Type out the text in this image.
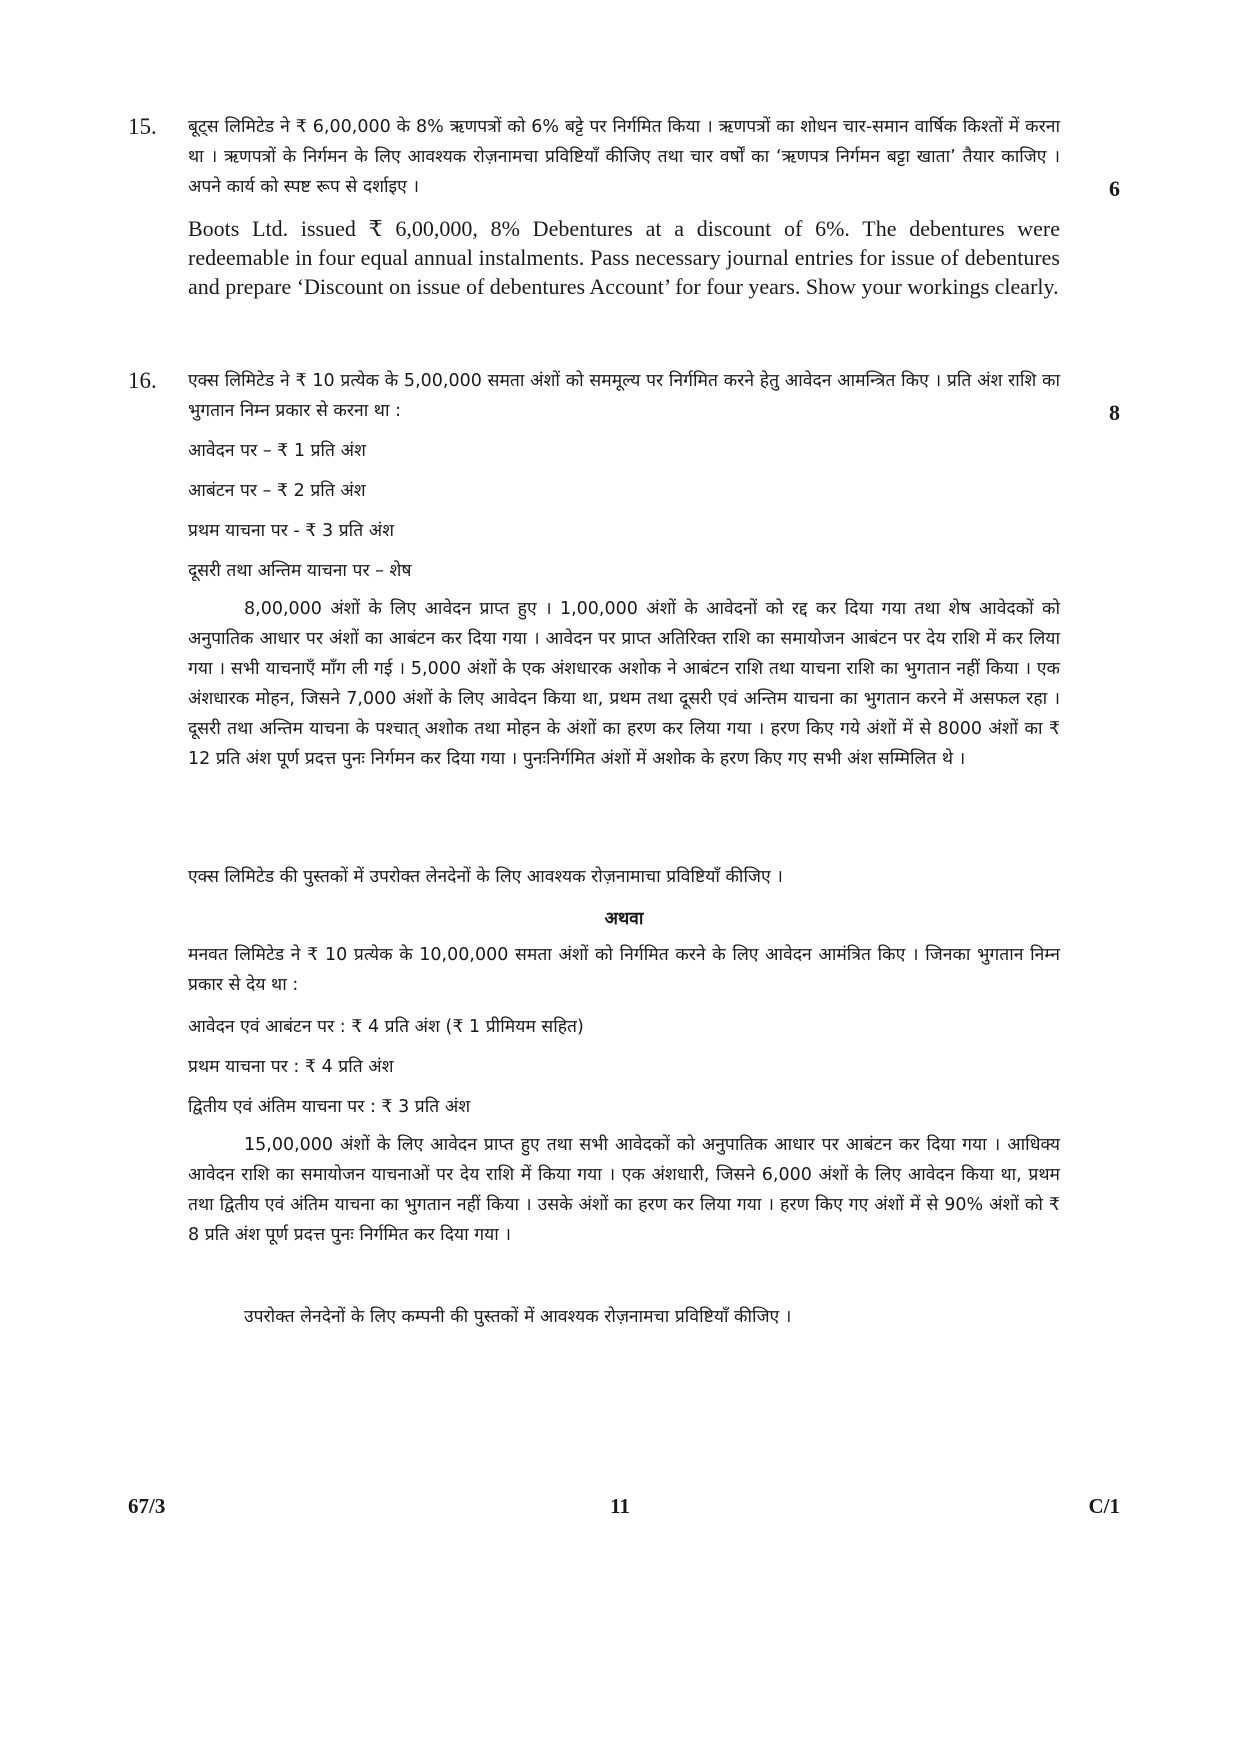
15.	बूट्स लिमिटेड ने ₹ 6,00,000 के 8% ऋणपत्रों को 6% बट्टे पर निर्गमित किया । ऋणपत्रों का शोधन चार-समान वार्षिक किश्तों में करना था । ऋणपत्रों के निर्गमन के लिए आवश्यक रोज़नामचा प्रविष्टियाँ कीजिए तथा चार वर्षों का ‘ऋणपत्र निर्गमन बट्टा खाता’ तैयार काजिए । अपने कार्य को स्पष्ट रूप से दर्शाइए ।	6

Boots Ltd. issued ₹ 6,00,000, 8% Debentures at a discount of 6%. The debentures were redeemable in four equal annual instalments. Pass necessary journal entries for issue of debentures and prepare ‘Discount on issue of debentures Account’ for four years. Show your workings clearly.

16.	एक्स लिमिटेड ने ₹ 10 प्रत्येक के 5,00,000 समता अंशों को सममूल्य पर निर्गमित करने हेतु आवेदन आमन्त्रित किए । प्रति अंश राशि का भुगतान निम्न प्रकार से करना था :	8
आवेदन पर – ₹ 1 प्रति अंश
आबंटन पर – ₹ 2 प्रति अंश
प्रथम याचना पर - ₹ 3 प्रति अंश
दूसरी तथा अन्तिम याचना पर – शेष

8,00,000 अंशों के लिए आवेदन प्राप्त हुए । 1,00,000 अंशों के आवेदनों को रद्द कर दिया गया तथा शेष आवेदकों को अनुपातिक आधार पर अंशों का आबंटन कर दिया गया । आवेदन पर प्राप्त अतिरिक्त राशि का समायोजन आबंटन पर देय राशि में कर लिया गया । सभी याचनाएँ माँग ली गई । 5,000 अंशों के एक अंशधारक अशोक ने आबंटन राशि तथा याचना राशि का भुगतान नहीं किया । एक अंशधारक मोहन, जिसने 7,000 अंशों के लिए आवेदन किया था, प्रथम तथा दूसरी एवं अन्तिम याचना का भुगतान करने में असफल रहा । दूसरी तथा अन्तिम याचना के पश्चात् अशोक तथा मोहन के अंशों का हरण कर लिया गया । हरण किए गये अंशों में से 8000 अंशों का ₹ 12 प्रति अंश पूर्ण प्रदत्त पुनः निर्गमन कर दिया गया । पुनःनिर्गमित अंशों में अशोक के हरण किए गए सभी अंश सम्मिलित थे ।

एक्स लिमिटेड की पुस्तकों में उपरोक्त लेनदेनों के लिए आवश्यक रोज़नामाचा प्रविष्टियाँ कीजिए ।

अथवा

मनवत लिमिटेड ने ₹ 10 प्रत्येक के 10,00,000 समता अंशों को निर्गमित करने के लिए आवेदन आमंत्रित किए । जिनका भुगतान निम्न प्रकार से देय था :

आवेदन एवं आबंटन पर : ₹ 4 प्रति अंश (₹ 1 प्रीमियम सहित)
प्रथम याचना पर : ₹ 4 प्रति अंश
द्वितीय एवं अंतिम याचना पर : ₹ 3 प्रति अंश

15,00,000 अंशों के लिए आवेदन प्राप्त हुए तथा सभी आवेदकों को अनुपातिक आधार पर आबंटन कर दिया गया । आधिक्य आवेदन राशि का समायोजन याचनाओं पर देय राशि में किया गया । एक अंशधारी, जिसने 6,000 अंशों के लिए आवेदन किया था, प्रथम तथा द्वितीय एवं अंतिम याचना का भुगतान नहीं किया । उसके अंशों का हरण कर लिया गया । हरण किए गए अंशों में से 90% अंशों को ₹ 8 प्रति अंश पूर्ण प्रदत्त पुनः निर्गमित कर दिया गया ।

उपरोक्त लेनदेनों के लिए कम्पनी की पुस्तकों में आवश्यक रोज़नामचा प्रविष्टियाँ कीजिए ।

67/3	11	C/1
